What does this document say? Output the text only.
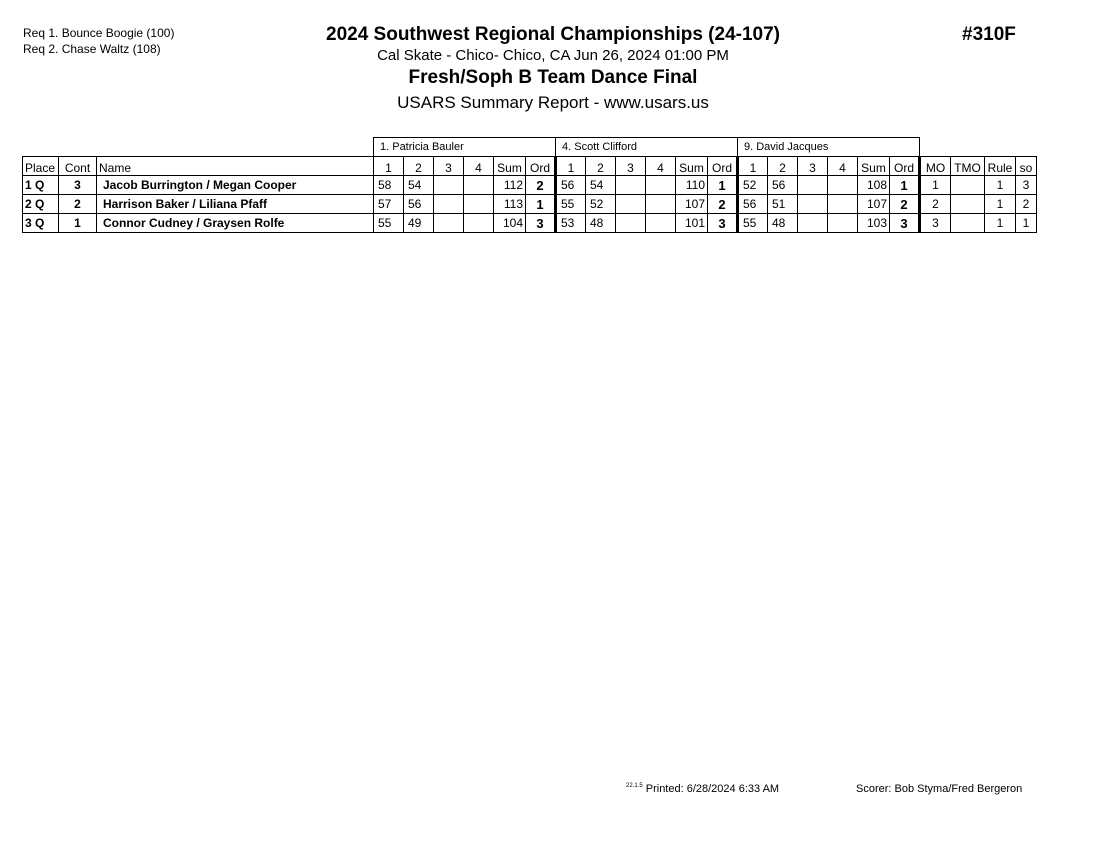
Req 1. Bounce Boogie (100)
Req 2. Chase Waltz (108)
2024 Southwest Regional Championships (24-107)
Cal Skate - Chico- Chico, CA Jun 26, 2024 01:00 PM
Fresh/Soph B Team Dance Final
USARS Summary Report - www.usars.us
#310F
			1. Patricia Bauler						4. Scott Clifford						9. David Jacques									
Place	Cont	Name	1	2	3	4	Sum	Ord	1	2	3	4	Sum	Ord	1	2	3	4	Sum	Ord	MO	TMO	Rule	so
1 Q	3	Jacob Burrington / Megan Cooper	58	54			112	2	56	54			110	1	52	56			108	1	1		1	3
2 Q	2	Harrison Baker / Liliana Pfaff	57	56			113	1	55	52			107	2	56	51			107	2	2		1	2
3 Q	1	Connor Cudney / Graysen Rolfe	55	49			104	3	53	48			101	3	55	48			103	3	3		1	1
$^{22.1.5}$ Printed: 6/28/2024 6:33 AM	Scorer: Bob Styma/Fred Bergeron
